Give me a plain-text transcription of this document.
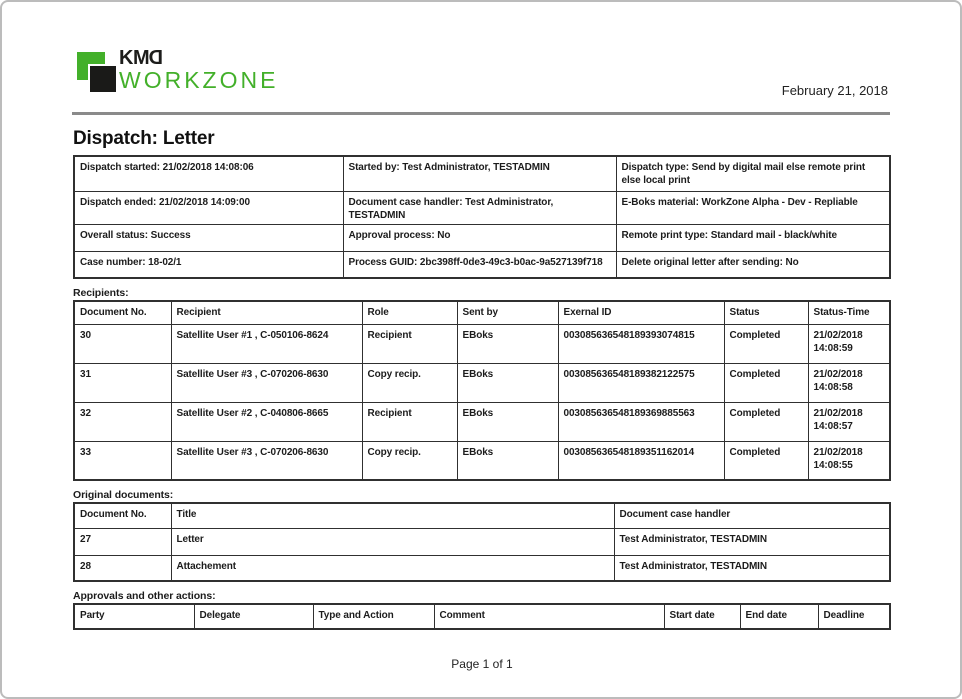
KMD
WORKZONE	February 21, 2018
Dispatch: Letter
Dispatch started: 21/02/2018 14:08:06	Started by: Test Administrator, TESTADMIN	Dispatch type: Send by digital mail else remote print else local print
Dispatch ended: 21/02/2018 14:09:00	Document case handler: Test Administrator, TESTADMIN	E-Boks material: WorkZone Alpha - Dev - Repliable
Overall status: Success	Approval process: No	Remote print type: Standard mail - black/white
Case number: 18-02/1	Process GUID: 2bc398ff-0de3-49c3-b0ac-9a527139f718	Delete original letter after sending: No
Recipients:
Document No.	Recipient	Role	Sent by	Exernal ID	Status	Status-Time
30	Satellite User #1 , C-050106-8624	Recipient	EBoks	003085636548189393074815	Completed	21/02/2018 14:08:59
31	Satellite User #3 , C-070206-8630	Copy recip.	EBoks	003085636548189382122575	Completed	21/02/2018 14:08:58
32	Satellite User #2 , C-040806-8665	Recipient	EBoks	003085636548189369885563	Completed	21/02/2018 14:08:57
33	Satellite User #3 , C-070206-8630	Copy recip.	EBoks	003085636548189351162014	Completed	21/02/2018 14:08:55
Original documents:
Document No.	Title	Document case handler
27	Letter	Test Administrator, TESTADMIN
28	Attachement	Test Administrator, TESTADMIN
Approvals and other actions:
Party	Delegate	Type and Action	Comment	Start date	End date	Deadline
Page 1 of 1
